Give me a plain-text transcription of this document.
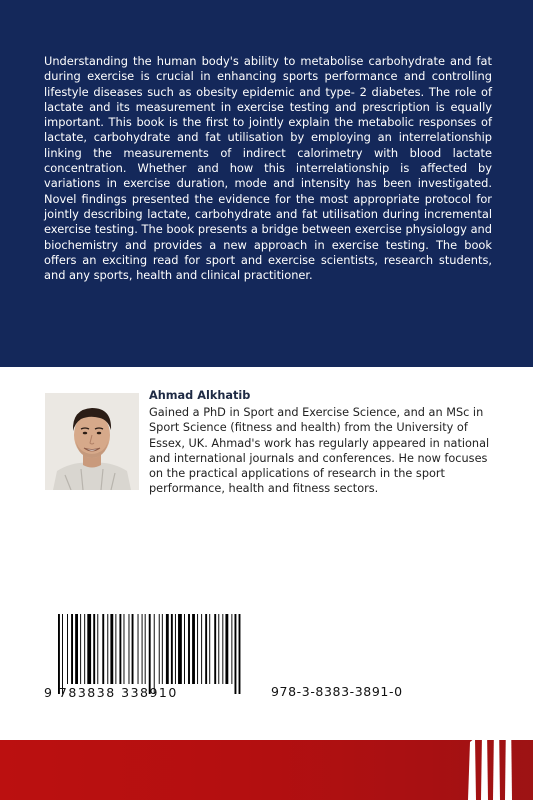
Understanding the human body's ability to metabolise carbohydrate and fat during exercise is crucial in enhancing sports performance and controlling lifestyle diseases such as obesity epidemic and type- 2 diabetes. The role of lactate and its measurement in exercise testing and prescription is equally important. This book is the first to jointly explain the metabolic responses of lactate, carbohydrate and fat utilisation by employing an interrelationship linking the measurements of indirect calorimetry with blood lactate concentration. Whether and how this interrelationship is affected by variations in exercise duration, mode and intensity has been investigated. Novel findings presented the evidence for the most appropriate protocol for jointly describing lactate, carbohydrate and fat utilisation during incremental exercise testing. The book presents a bridge between exercise physiology and biochemistry and provides a new approach in exercise testing. The book offers an exciting read for sport and exercise scientists, research students, and any sports, health and clinical practitioner.

Ahmad Alkhatib

Gained a PhD in Sport and Exercise Science, and an MSc in Sport Science (fitness and health) from the University of Essex, UK. Ahmad's work has regularly appeared in national and international journals and conferences. He now focuses on the practical applications of research in the sport performance, health and fitness sectors.

9 783838 338910	978-3-8383-3891-0
